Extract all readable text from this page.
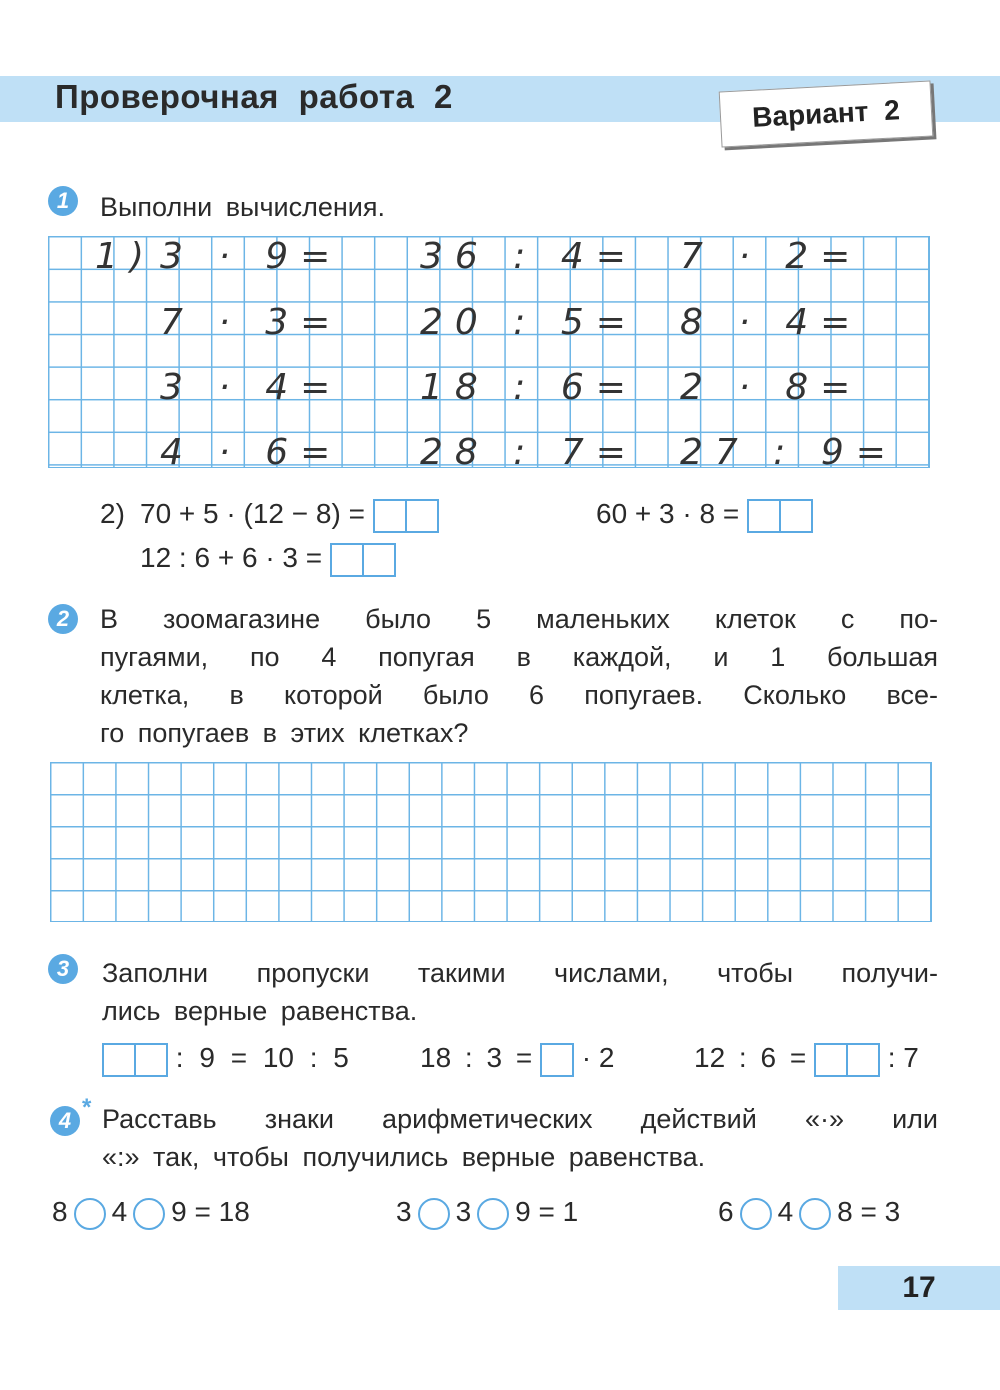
Проверочная работа 2	Вариант 2
1	Выполни вычисления.
1) 3 · 9= 36 : 4= 7 · 2=
7 · 3= 20 : 5= 8 · 4=
3 · 4= 18 : 6= 2 · 8=
4 · 6= 28 : 7= 27 : 9=
2) 70 + 5 · (12 − 8) =	60 + 3 · 8 =
12 : 6 + 6 · 3 =
2	В зоомагазине было 5 маленьких клеток с по-
пугаями, по 4 попугая в каждой, и 1 большая
клетка, в которой было 6 попугаев. Сколько все-
го попугаев в этих клетках?
3	Заполни пропуски такими числами, чтобы получи-
лись верные равенства.
: 9 = 10 : 5	18 : 3 = · 2	12 : 6 =	: 7
4 * Расставь знаки арифметических действий «·» или
«:» так, чтобы получились верные равенства.
8 4 9 = 18	3 3 9 = 1	6 4 8 = 3
17
